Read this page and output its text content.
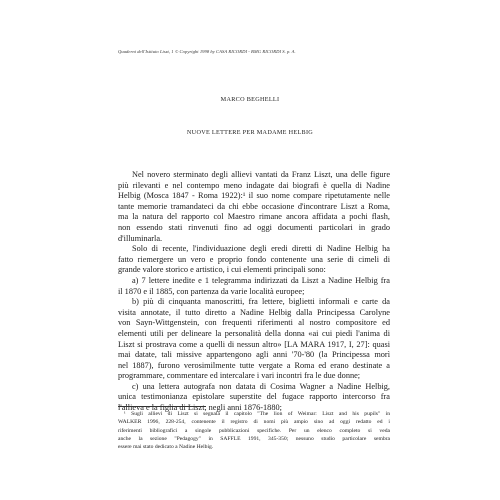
Quaderni dell'Istituto Liszt, 1 © Copyright 1998 by CASA RICORDI - BMG RICORDI S. p. A.
MARCO BEGHELLI
NUOVE LETTERE PER MADAME HELBIG
Nel novero sterminato degli allievi vantati da Franz Liszt, una delle figure
più rilevanti e nel contempo meno indagate dai biografi è quella di Nadine
Helbig (Mosca 1847 - Roma 1922):¹ il suo nome compare ripetutamente nelle
tante memorie tramandateci da chi ebbe occasione d'incontrare Liszt a Roma,
ma la natura del rapporto col Maestro rimane ancora affidata a pochi flash,
non essendo stati rinvenuti fino ad oggi documenti particolari in grado
d'illuminarla.
Solo di recente, l'individuazione degli eredi diretti di Nadine Helbig ha
fatto riemergere un vero e proprio fondo contenente una serie di cimeli di
grande valore storico e artistico, i cui elementi principali sono:
a) 7 lettere inedite e 1 telegramma indirizzati da Liszt a Nadine Helbig fra
il 1870 e il 1885, con partenza da varie località europee;
b) più di cinquanta manoscritti, fra lettere, biglietti informali e carte da
visita annotate, il tutto diretto a Nadine Helbig dalla Principessa Carolyne
von Sayn-Wittgenstein, con frequenti riferimenti al nostro compositore ed
elementi utili per delineare la personalità della donna «ai cui piedi l'anima di
Liszt si prostrava come a quelli di nessun altro» [LA MARA 1917, I, 27]: quasi
mai datate, tali missive appartengono agli anni '70-'80 (la Principessa morì
nel 1887), furono verosimilmente tutte vergate a Roma ed erano destinate a
programmare, commentare ed intercalare i vari incontri fra le due donne;
c) una lettera autografa non datata di Cosima Wagner a Nadine Helbig,
unica testimonianza epistolare superstite del fugace rapporto intercorso fra
l'allieva e la figlia di Liszt, negli anni 1876-1880;
¹ Sugli allievi di Liszt si segnala il capitolo "The lion of Weimar: Liszt and his pupils" in
WALKER 1996, 228-254, contenente il registro di nomi più ampio sino ad oggi redatto ed i
riferimenti bibliografici a singole pubblicazioni specifiche. Per un elenco completo si veda
anche la sezione "Pedagogy" in SAFFLE 1991, 345-350; nessuno studio particolare sembra
essere mai stato dedicato a Nadine Helbig.
